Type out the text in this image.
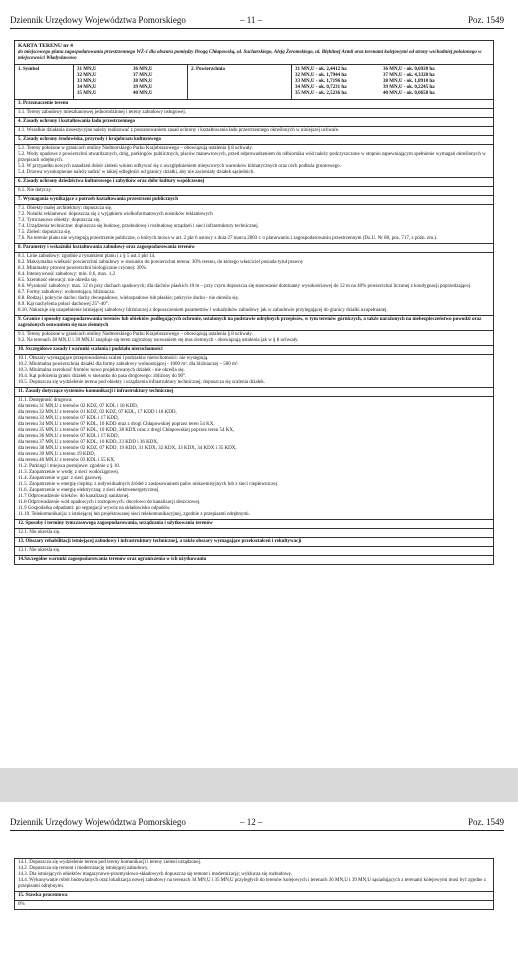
Dziennik Urzędowy Województwa Pomorskiego	– 11 –	Poz. 1549
KARTA TERENU nr 4
do miejscowego planu zagospodarowania przestrzennego WŻ-1 dla obszaru pomiędzy Drogą Chłapowską, ul. Sucharskiego, Aleją Żeromskiego, ul. Błękitnej Armii oraz terenami kolejowymi od strony wschodniej położonego w miejscowości Władysławowo
1. Symbol	31 MN,U
32 MN,U
33 MN,U
34 MN,U
35 MN,U
36 MN,U
37 MN,U
38 MN,U
39 MN,U
40 MN,U
2. Powierzchnia	31 MN,U - ok. 2,4412 ha
32 MN,U - ok. 1,7944 ha
33 MN,U - ok. 1,7196 ha
34 MN,U - ok. 0,7231 ha
35 MN,U - ok. 2,5236 ha
36 MN,U - ok. 0,6920 ha
37 MN,U - ok. 4,3328 ha
38 MN,U - ok. 1,8910 ha
39 MN,U - ok. 0,2245 ha
40 MN,U - ok. 0,0658 ha
3. Przeznaczenie terenu
3.1. Tereny zabudowy mieszkaniowej jednorodzinnej i tereny zabudowy usługowej.
4. Zasady ochrony i kształtowania ładu przestrzennego
4.1. Wszelkie działania inwestycyjne należy realizować z poszanowaniem zasad ochrony i kształtowania ładu przestrzennego określonych w niniejszej uchwale.
5. Zasady ochrony środowiska, przyrody i krajobrazu kulturowego
5.1. Tereny położone w granicach otuliny Nadmorskiego Parku Krajobrazowego – obowiązują ustalenia § 8 uchwały.
5.2. Wody opadowe z powierzchni utwardzonych, dróg, parkingów publicznych, placów manewrowych, przed odprowadzeniem do odbiornika wód należy podczyszczone w stopniu zapewniającym spełnienie wymagań określonych w przepisach odrębnych.
5.3. W przypadku nowych nasadzeń dobór zieleni winien odbywać się z uwzględnieniem miejscowych warunków klimatycznych oraz cech podłoża gruntowego.
5.4. Drzewa wysokopienne należy sadzić w takiej odległości od granicy działki, aby nie zacieniały działek sąsiednich.
6. Zasady ochrony dziedzictwa kulturowego i zabytków oraz dóbr kultury współczesnej
6.1. Nie dotyczy.
7. Wymagania wynikające z potrzeb kształtowania przestrzeni publicznych
7.1. Obiekty małej architektury: dopuszcza się.
7.2. Nośniki reklamowe: dopuszcza się z wyjątkiem wielkoformatowych nośników reklamowych
7.3. Tymczasowe obiekty: dopuszcza się.
7.4. Urządzenia techniczne: dopuszcza się budowę, przebudowę i rozbudowę urządzeń i sieci infrastruktury technicznej.
7.5. Zieleń: dopuszcza się.
7.6. Na terenie planu nie występują przestrzenie publiczne, o których mowa w art. 2 pkt 6 ustawy z dnia 27 marca 2003 r. o planowaniu i zagospodarowaniu przestrzennym (Dz.U. Nr 80, poz. 717, z późn. zm.).
8. Parametry i wskaźniki kształtowania zabudowy oraz zagospodarowania terenów
8.1. Linie zabudowy: zgodnie z rysunkiem planu i z § 5 ust.1 pkt 14.
8.2. Maksymalna wielkość powierzchni zabudowy w stosunku do powierzchni terenu: 30% terenu, do którego właściciel posiada tytuł prawny
8.3. Minimalny procent powierzchni biologicznie czynnej: 30%.
8.4. Intensywność zabudowy: min. 0,6, max. 1,2
8.5. Szerokość elewacji: nie określa się.
8.6. Wysokość zabudowy: max. 12 m przy dachach spadowych; dla dachów płaskich 10 m – przy czym dopuszcza się stosowanie dominanty wysokościowej do 12 m na 40% powierzchni liczonej z kondygnacji poprzedzającej.
8.7. Formy zabudowy: wolnostojąca, bliźniacza.
8.8. Rodzaj i pokrycie dachu: dachy dwuspadowe, wielospadowe lub płaskie; pokrycie dachu - nie określa się.
8.9. Kąt nachylenia połaci dachowej 25°-40°.
8.10. Nakazuje się uzupełnienie istniejącej zabudowy bliźniaczej z dopuszczeniem parametrów i wskaźników zabudowy jak w zabudowie przylegającej do granicy działki uzupełnianej.
9. Granice i sposoby zagospodarowania terenów lub obiektów podlegających ochronie, ustalonych na podstawie odrębnych przepisów, w tym terenów górniczych, a także narażonych na niebezpieczeństwo powodzi oraz zagrożonych osuwaniem się mas ziemnych
9.1. Tereny położone w granicach otuliny Nadmorskiego Parku Krajobrazowego – obowiązują ustalenia § 8 uchwały.
9.2. Na terenach 38 MN,U i 39 MN,U znajduje się teren zagrożony osuwaniem się mas ziemnych - obowiązują ustalenia jak w § 8 uchwały.
10. Szczegółowe zasady i warunki scalania i podziału nieruchomości
10.1. Obszary wymagające przeprowadzenia scaleń i podziałów nieruchomości: nie występują.
10.2. Minimalna powierzchnia działki dla formy zabudowy wolnostojącej - 1000 m², dla bliźniaczej – 500 m².
10.3. Minimalna szerokość frontów nowo projektowanych działek - nie określa się.
10.4. Kąt położenia granic działek w stosunku do pasa drogowego: zbliżony do 90°.
10.5. Dopuszcza się wydzielenie terenu pod obiekty i urządzenia infrastruktury technicznej; dopuszcza się scalenia działek.
11. Zasady dotyczące systemów komunikacji i infrastruktury technicznej
11.1. Dostępność drogowa:
dla terenu 31 MN,U z terenów 02 KDZ, 07 KDL i 18 KDD,
dla terenu 32 MN,U z terenów 01 KDZ, 02 KDZ, 07 KDL, 17 KDD i 18 KDD,
dla terenu 33 MN,U z terenów 07 KDL i 17 KDD,
dla terenu 34 MN,U z terenów 07 KDL, 10 KDD oraz z drogi Chłapowskiej poprzez teren 54 KX,
dla terenu 35 MN,U z terenów 07 KDL, 10 KDD, 38 KDX oraz z drogi Chłapowskiej poprzez teren 54 KX,
dla terenu 36 MN,U z terenów 07 KDL i 17 KDD,
dla terenu 37 MN,U z terenów 07 KDL, 10 KDD, 23 KDD i 36 KDX,
dla terenu 38 MN,U z terenów 02 KDZ, 07 KDD, 19 KDD, 31 KDX, 32 KDX, 33 KDX, 34 KDX i 35 KDX,
dla terenu 39 MN,U z terenu 19 KDD,
dla terenu 40 MN,U z terenów 03 KDL i 55 KX.
11.2. Parkingi i miejsca postojowe: zgodnie z § 10.
11.3. Zaopatrzenie w wodę: z sieci wodociągowej.
11.4. Zaopatrzenie w gaz: z sieci gazowej.
11.5. Zaopatrzenie w energię cieplną: z indywidualnych źródeł z zastosowaniem paliw niskoemisyjnych lub z sieci ciepłowniczej.
11.6. Zaopatrzenie w energię elektryczną: z sieci elektroenergetycznej.
11.7 Odprowadzenie ścieków: do kanalizacji sanitarnej.
11.8 Odprowadzenie wód opadowych i roztopowych: docelowo do kanalizacji deszczowej.
11.9 Gospodarka odpadami: po segregacji wywóz na składowisko odpadów.
11.10. Telekomunikacja: z istniejącej lub projektowanej sieci telekomunikacyjnej, zgodnie z przepisami odrębnymi.
12. Sposoby i terminy tymczasowego zagospodarowania, urządzania i użytkowania terenów
12.1. Nie określa się.
13. Obszary rehabilitacji istniejącej zabudowy i infrastruktury technicznej, a także obszary wymagające przekształceń i rekultywacji
13.1. Nie określa się.
14.Szczególne warunki zagospodarowania terenów oraz ograniczenia w ich użytkowaniu
Dziennik Urzędowy Województwa Pomorskiego	– 12 –	Poz. 1549
14.1. Dopuszcza się wydzielenie terenu pod tereny komunikacji i tereny zieleni urządzonej.
14.2. Dopuszcza się remont i modernizację istniejącej zabudowy.
14.3. Dla istniejących obiektów magazynowo-przemysłowo-składowych dopuszcza się remont i modernizację; wyklucza się rozbudowę.
14.4. Wykonywanie robót budowlanych oraz lokalizacja nowej zabudowy na terenach 34 MN,U i 35 MN,U przyległych do terenów kolejowych i terenach 36 MN,U i 39 MN,U sąsiadujących z terenami kolejowymi musi być zgodne z przepisami odrębnymi.
15. Stawka procentowa
0%
